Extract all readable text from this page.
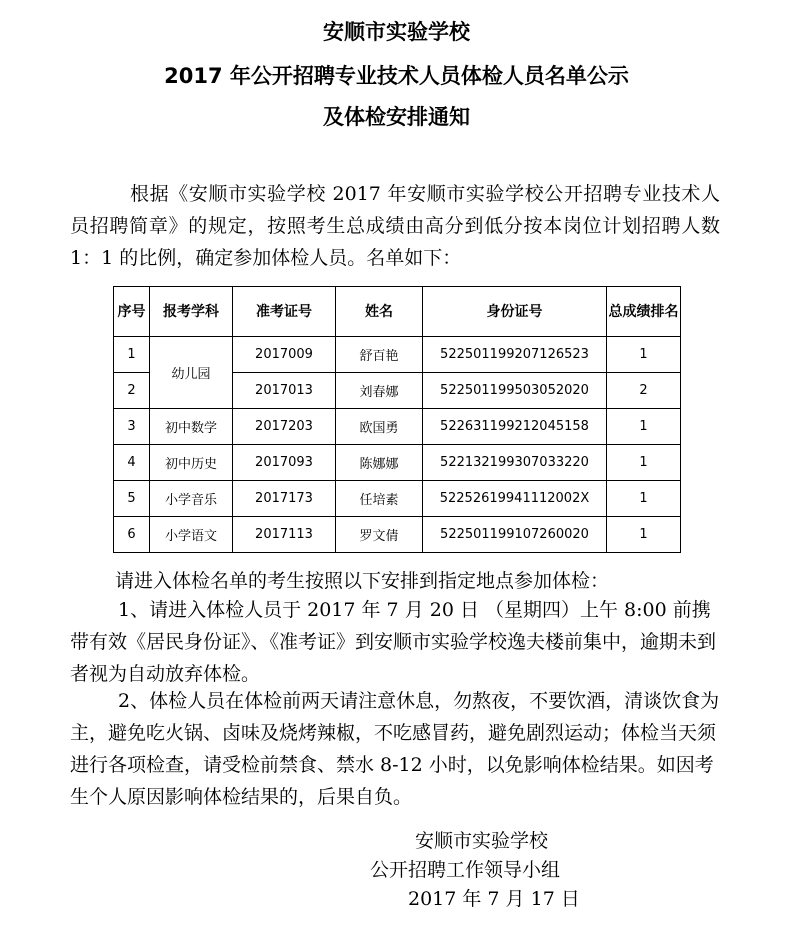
安顺市实验学校
2017 年公开招聘专业技术人员体检人员名单公示
及体检安排通知
根据《安顺市实验学校 2017 年安顺市实验学校公开招聘专业技术人员招聘简章》的规定，按照考生总成绩由高分到低分按本岗位计划招聘人数 1：1 的比例，确定参加体检人员。名单如下：
序号	报考学科	准考证号	姓名	身份证号	总成绩排名
1	幼儿园	2017009	舒百艳	522501199207126523	1
2		2017013	刘春娜	522501199503052020	2
3	初中数学	2017203	欧国勇	522631199212045158	1
4	初中历史	2017093	陈娜娜	522132199307033220	1
5	小学音乐	2017173	任培素	52252619941112002X	1
6	小学语文	2017113	罗文倩	522501199107260020	1
请进入体检名单的考生按照以下安排到指定地点参加体检：
1、请进入体检人员于 2017 年 7 月 20 日 （星期四）上午 8:00 前携带有效《居民身份证》、《准考证》到安顺市实验学校逸夫楼前集中，逾期未到者视为自动放弃体检。
2、体检人员在体检前两天请注意休息，勿熬夜，不要饮酒，清谈饮食为主，避免吃火锅、卤味及烧烤辣椒，不吃感冒药，避免剧烈运动；体检当天须进行各项检查，请受检前禁食、禁水 8-12 小时，以免影响体检结果。如因考生个人原因影响体检结果的，后果自负。
安顺市实验学校
公开招聘工作领导小组
2017 年 7 月 17 日
